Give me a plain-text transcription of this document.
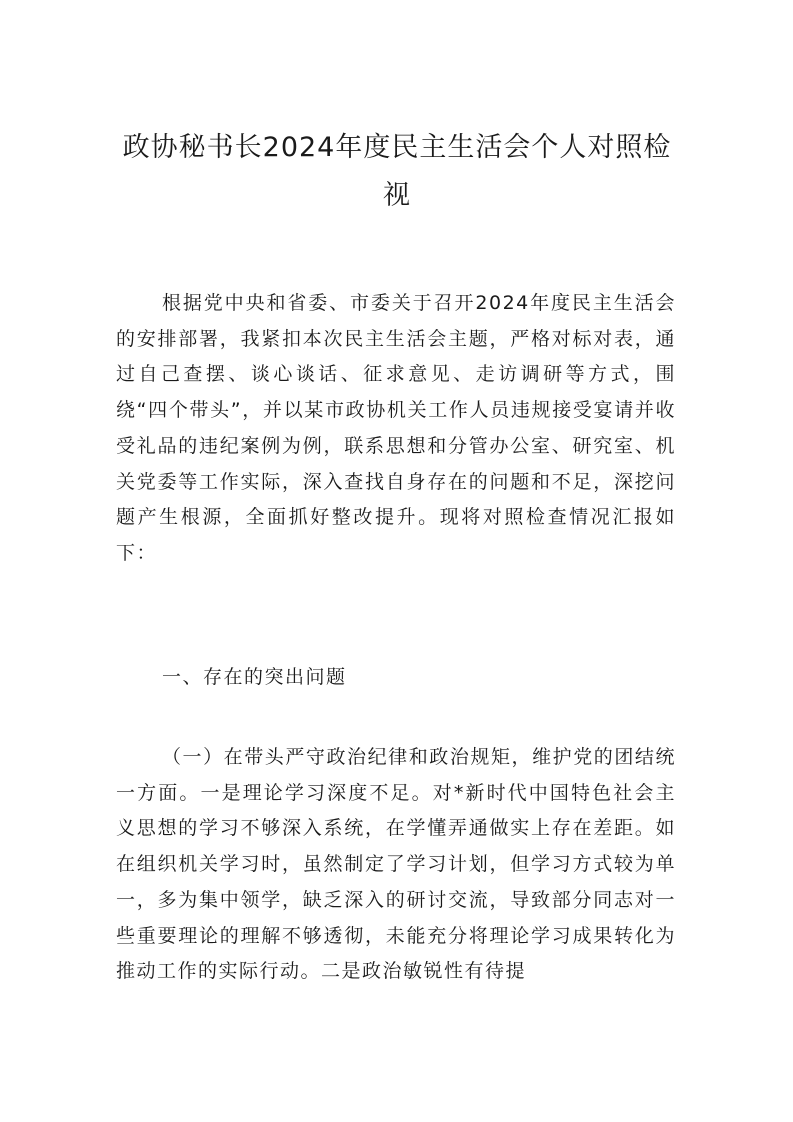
政协秘书长2024年度民主生活会个人对照检视

根据党中央和省委、市委关于召开2024年度民主生活会的安排部署，我紧扣本次民主生活会主题，严格对标对表，通过自己查摆、谈心谈话、征求意见、走访调研等方式，围绕“四个带头”，并以某市政协机关工作人员违规接受宴请并收受礼品的违纪案例为例，联系思想和分管办公室、研究室、机关党委等工作实际，深入查找自身存在的问题和不足，深挖问题产生根源，全面抓好整改提升。现将对照检查情况汇报如下：

一、存在的突出问题

（一）在带头严守政治纪律和政治规矩，维护党的团结统一方面。一是理论学习深度不足。对*新时代中国特色社会主义思想的学习不够深入系统，在学懂弄通做实上存在差距。如在组织机关学习时，虽然制定了学习计划，但学习方式较为单一，多为集中领学，缺乏深入的研讨交流，导致部分同志对一些重要理论的理解不够透彻，未能充分将理论学习成果转化为推动工作的实际行动。二是政治敏锐性有待提
